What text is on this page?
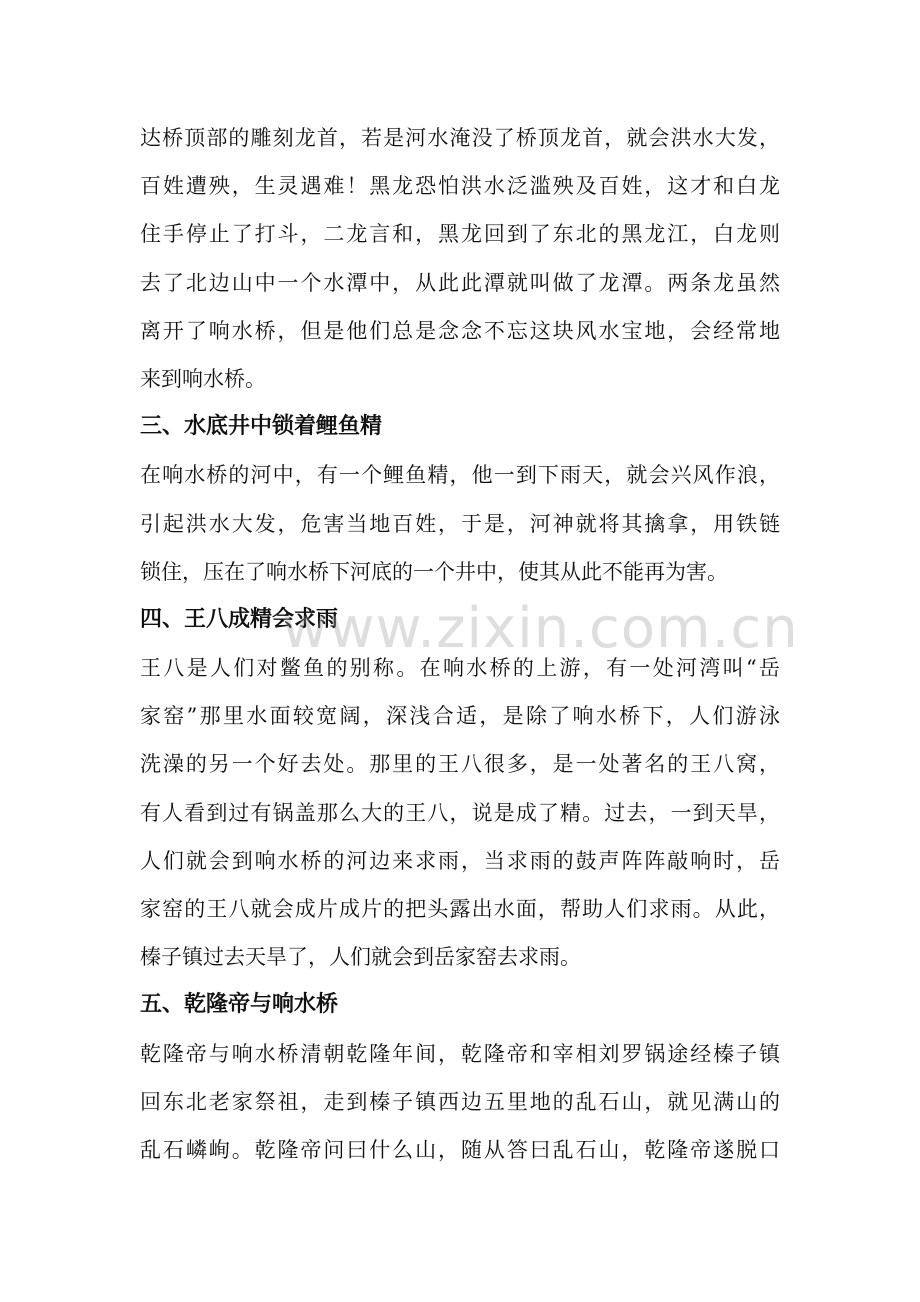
达桥顶部的雕刻龙首，若是河水淹没了桥顶龙首，就会洪水大发，
百姓遭殃，生灵遇难！黑龙恐怕洪水泛滥殃及百姓，这才和白龙
住手停止了打斗，二龙言和，黑龙回到了东北的黑龙江，白龙则
去了北边山中一个水潭中，从此此潭就叫做了龙潭。两条龙虽然
离开了响水桥，但是他们总是念念不忘这块风水宝地，会经常地
来到响水桥。
三、水底井中锁着鲤鱼精
在响水桥的河中，有一个鲤鱼精，他一到下雨天，就会兴风作浪，
引起洪水大发，危害当地百姓，于是，河神就将其擒拿，用铁链
锁住，压在了响水桥下河底的一个井中，使其从此不能再为害。
四、王八成精会求雨
王八是人们对鳖鱼的别称。在响水桥的上游，有一处河湾叫“岳
家窑”那里水面较宽阔，深浅合适，是除了响水桥下，人们游泳
洗澡的另一个好去处。那里的王八很多，是一处著名的王八窝，
有人看到过有锅盖那么大的王八，说是成了精。过去，一到天旱，
人们就会到响水桥的河边来求雨，当求雨的鼓声阵阵敲响时，岳
家窑的王八就会成片成片的把头露出水面，帮助人们求雨。从此，
榛子镇过去天旱了，人们就会到岳家窑去求雨。
五、乾隆帝与响水桥
乾隆帝与响水桥清朝乾隆年间，乾隆帝和宰相刘罗锅途经榛子镇
回东北老家祭祖，走到榛子镇西边五里地的乱石山，就见满山的
乱石嶙峋。乾隆帝问曰什么山，随从答曰乱石山，乾隆帝遂脱口
www.zixin.com.cn
